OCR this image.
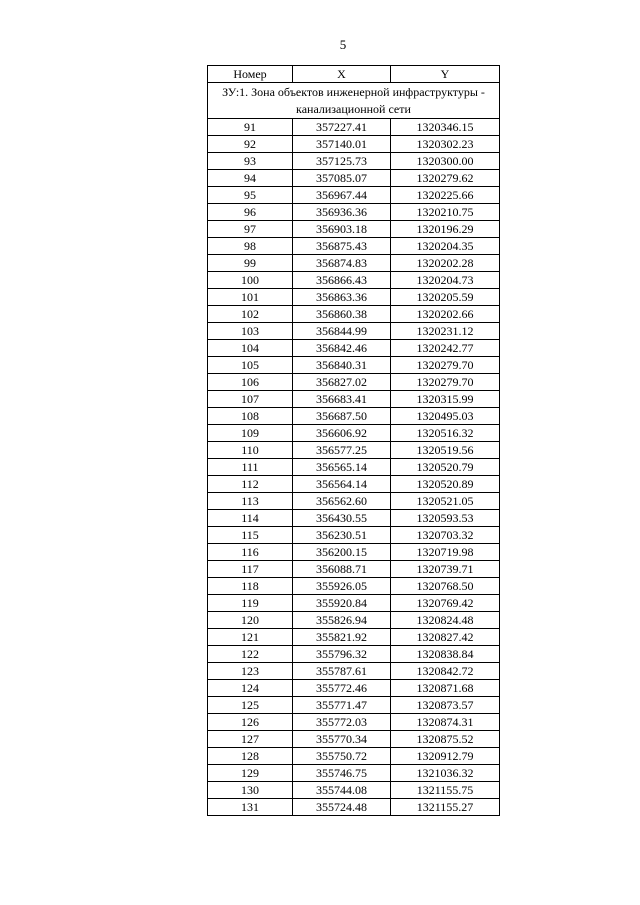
5
Номер	X	Y
ЗУ:1. Зона объектов инженерной инфраструктуры - канализационной сети		
91	357227.41	1320346.15
92	357140.01	1320302.23
93	357125.73	1320300.00
94	357085.07	1320279.62
95	356967.44	1320225.66
96	356936.36	1320210.75
97	356903.18	1320196.29
98	356875.43	1320204.35
99	356874.83	1320202.28
100	356866.43	1320204.73
101	356863.36	1320205.59
102	356860.38	1320202.66
103	356844.99	1320231.12
104	356842.46	1320242.77
105	356840.31	1320279.70
106	356827.02	1320279.70
107	356683.41	1320315.99
108	356687.50	1320495.03
109	356606.92	1320516.32
110	356577.25	1320519.56
111	356565.14	1320520.79
112	356564.14	1320520.89
113	356562.60	1320521.05
114	356430.55	1320593.53
115	356230.51	1320703.32
116	356200.15	1320719.98
117	356088.71	1320739.71
118	355926.05	1320768.50
119	355920.84	1320769.42
120	355826.94	1320824.48
121	355821.92	1320827.42
122	355796.32	1320838.84
123	355787.61	1320842.72
124	355772.46	1320871.68
125	355771.47	1320873.57
126	355772.03	1320874.31
127	355770.34	1320875.52
128	355750.72	1320912.79
129	355746.75	1321036.32
130	355744.08	1321155.75
131	355724.48	1321155.27
